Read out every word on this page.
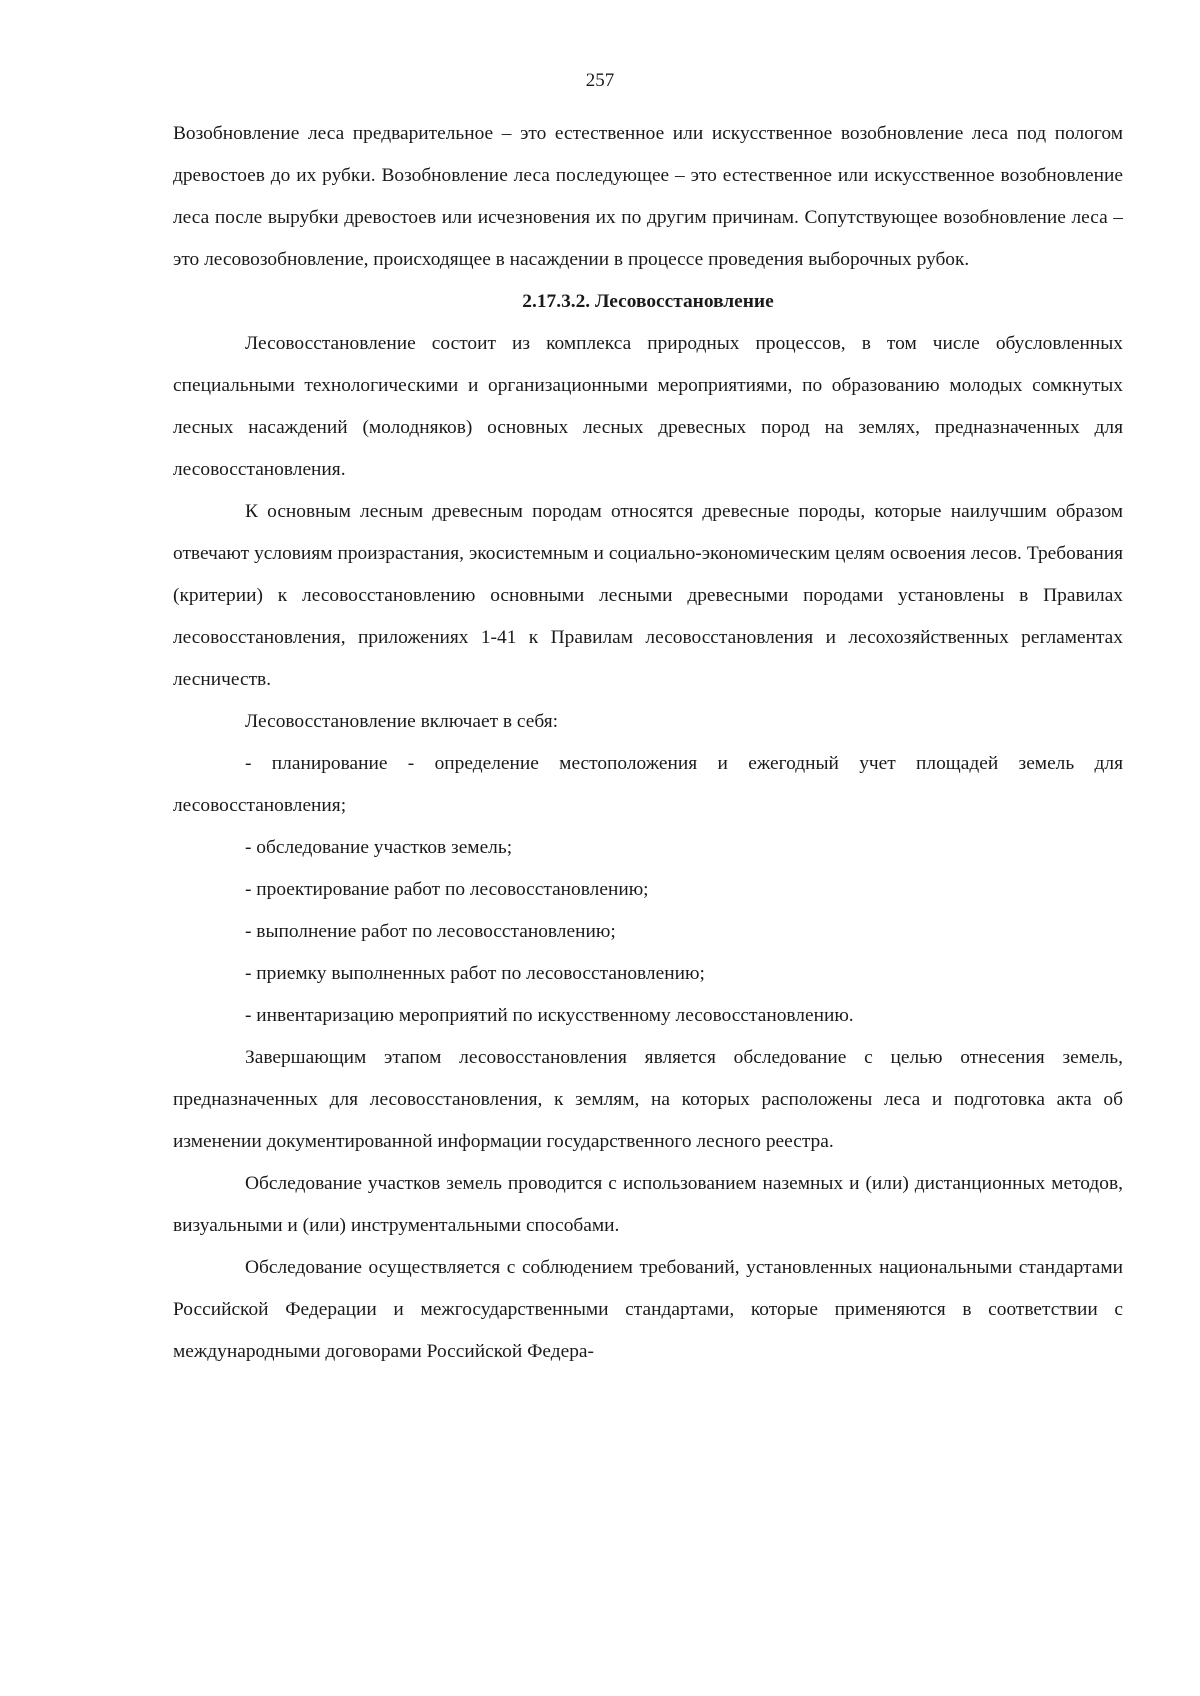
257

Возобновление леса предварительное – это естественное или искусственное возобновление леса под пологом древостоев до их рубки. Возобновление леса последующее – это естественное или искусственное возобновление леса после вырубки древостоев или исчезновения их по другим причинам. Сопутствующее возобновление леса – это лесовозобновление, происходящее в насаждении в процессе проведения выборочных рубок.

2.17.3.2. Лесовосстановление

Лесовосстановление состоит из комплекса природных процессов, в том числе обусловленных специальными технологическими и организационными мероприятиями, по образованию молодых сомкнутых лесных насаждений (молодняков) основных лесных древесных пород на землях, предназначенных для лесовосстановления.

К основным лесным древесным породам относятся древесные породы, которые наилучшим образом отвечают условиям произрастания, экосистемным и социально-экономическим целям освоения лесов. Требования (критерии) к лесовосстановлению основными лесными древесными породами установлены в Правилах лесовосстановления, приложениях 1-41 к Правилам лесовосстановления и лесохозяйственных регламентах лесничеств.

Лесовосстановление включает в себя:

- планирование - определение местоположения и ежегодный учет площадей земель для лесовосстановления;

- обследование участков земель;

- проектирование работ по лесовосстановлению;

- выполнение работ по лесовосстановлению;

- приемку выполненных работ по лесовосстановлению;

- инвентаризацию мероприятий по искусственному лесовосстановлению.

Завершающим этапом лесовосстановления является обследование с целью отнесения земель, предназначенных для лесовосстановления, к землям, на которых расположены леса и подготовка акта об изменении документированной информации государственного лесного реестра.

Обследование участков земель проводится с использованием наземных и (или) дистанционных методов, визуальными и (или) инструментальными способами.

Обследование осуществляется с соблюдением требований, установленных национальными стандартами Российской Федерации и межгосударственными стандартами, которые применяются в соответствии с международными договорами Российской Федера-
